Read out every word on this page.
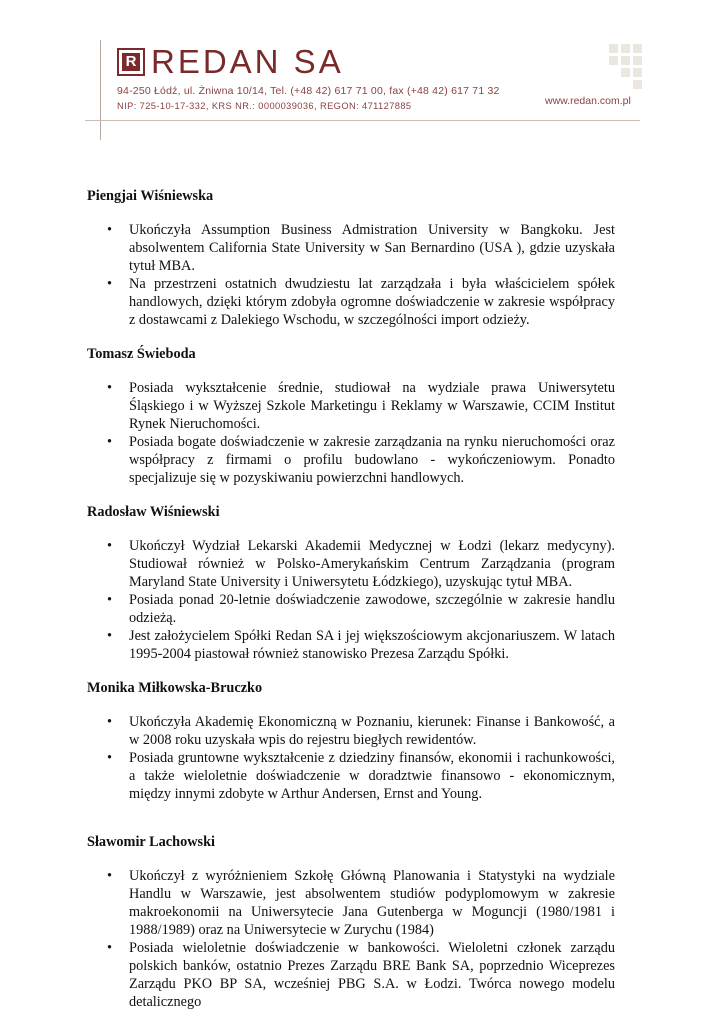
R REDAN SA
94-250 Łódź, ul. Żniwna 10/14, Tel. (+48 42) 617 71 00, fax (+48 42) 617 71 32
NIP: 725-10-17-332, KRS NR.: 0000039036, REGON: 471127885	www.redan.com.pl
Piengjai Wiśniewska
• Ukończyła Assumption Business Admistration University w Bangkoku. Jest absolwentem California State University w San Bernardino (USA ), gdzie uzyskała tytuł MBA.
• Na przestrzeni ostatnich dwudziestu lat zarządzała i była właścicielem spółek handlowych, dzięki którym zdobyła ogromne doświadczenie w zakresie współpracy z dostawcami z Dalekiego Wschodu, w szczególności import odzieży.
Tomasz Świeboda
• Posiada wykształcenie średnie, studiował na wydziale prawa Uniwersytetu Śląskiego i w Wyższej Szkole Marketingu i Reklamy w Warszawie, CCIM Institut Rynek Nieruchomości.
• Posiada bogate doświadczenie w zakresie zarządzania na rynku nieruchomości oraz współpracy z firmami o profilu budowlano - wykończeniowym. Ponadto specjalizuje się w pozyskiwaniu powierzchni handlowych.
Radosław Wiśniewski
• Ukończył Wydział Lekarski Akademii Medycznej w Łodzi (lekarz medycyny). Studiował również w Polsko-Amerykańskim Centrum Zarządzania (program Maryland State University i Uniwersytetu Łódzkiego), uzyskując tytuł MBA.
• Posiada ponad 20-letnie doświadczenie zawodowe, szczególnie w zakresie handlu odzieżą.
• Jest założycielem Spółki Redan SA i jej większościowym akcjonariuszem. W latach 1995-2004 piastował również stanowisko Prezesa Zarządu Spółki.
Monika Miłkowska-Bruczko
• Ukończyła Akademię Ekonomiczną w Poznaniu, kierunek: Finanse i Bankowość, a w 2008 roku uzyskała wpis do rejestru biegłych rewidentów.
• Posiada gruntowne wykształcenie z dziedziny finansów, ekonomii i rachunkowości, a także wieloletnie doświadczenie w doradztwie finansowo - ekonomicznym, między innymi zdobyte w Arthur Andersen, Ernst and Young.
Sławomir Lachowski
• Ukończył z wyróżnieniem Szkołę Główną Planowania i Statystyki na wydziale Handlu w Warszawie, jest absolwentem studiów podyplomowym w zakresie makroekonomii na Uniwersytecie Jana Gutenberga w Moguncji (1980/1981 i 1988/1989) oraz na Uniwersytecie w Zurychu (1984)
• Posiada wieloletnie doświadczenie w bankowości. Wieloletni członek zarządu polskich banków, ostatnio Prezes Zarządu BRE Bank SA, poprzednio Wiceprezes Zarządu PKO BP SA, wcześniej PBG S.A. w Łodzi. Twórca nowego modelu detalicznego
